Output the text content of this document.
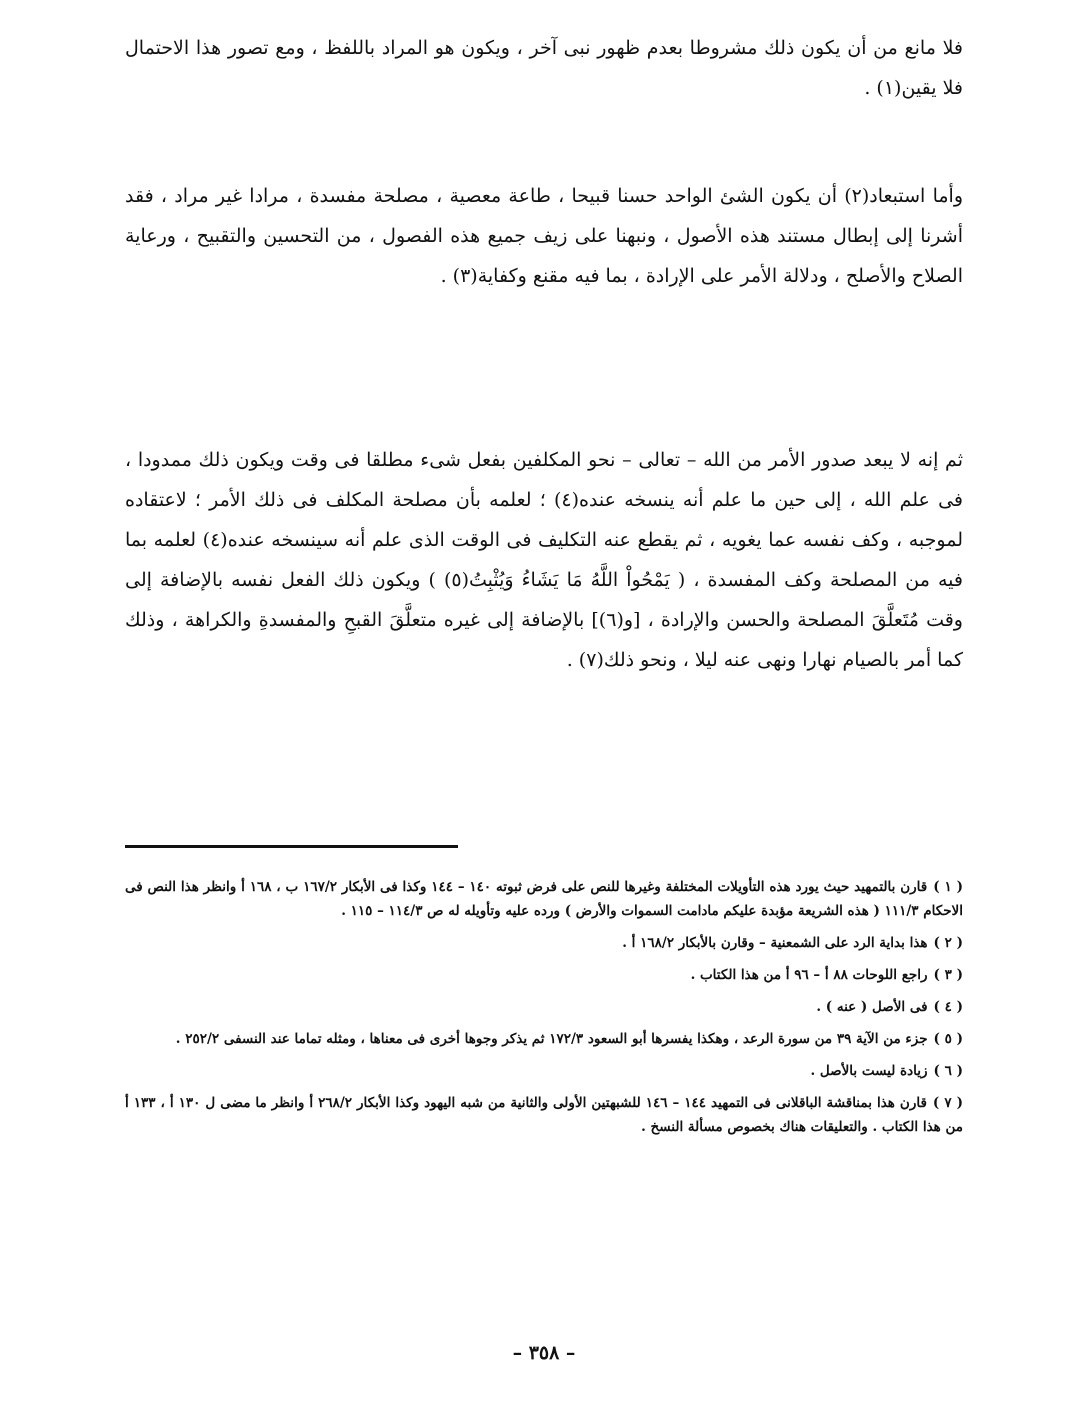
فلا مانع من أن يكون ذلك مشروطا بعدم ظهور نبى آخر ، ويكون هو المراد باللفظ ، ومع تصور هذا الاحتمال فلا يقين(١) .

وأما استبعاد(٢) أن يكون الشئ الواحد حسنا قبيحا ، طاعة معصية ، مصلحة مفسدة ، مرادا غير مراد ، فقد أشرنا إلى إبطال مستند هذه الأصول ، ونبهنا على زيف جميع هذه الفصول ، من التحسين والتقبيح ، ورعاية الصلاح والأصلح ، ودلالة الأمر على الإرادة ، بما فيه مقنع وكفاية(٣) .

ثم إنه لا يبعد صدور الأمر من الله – تعالى – نحو المكلفين بفعل شىء مطلقا فى وقت ويكون ذلك ممدودا ، فى علم الله ، إلى حين ما علم أنه ينسخه عنده(٤) ؛ لعلمه بأن مصلحة المكلف فى ذلك الأمر ؛ لاعتقاده لموجبه ، وكف نفسه عما يغويه ، ثم يقطع عنه التكليف فى الوقت الذى علم أنه سينسخه عنده(٤) لعلمه بما فيه من المصلحة وكف المفسدة ، ( يَمْحُواْ اللَّهُ مَا يَشَاءُ وَيُثْبِتُ(٥) ) ويكون ذلك الفعل نفسه بالإضافة إلى وقت مُتَعلَّقَ المصلحة والحسن والإرادة ، [و(٦)] بالإضافة إلى غيره متعلَّقَ القبحِ والمفسدةِ والكراهة ، وذلك كما أمر بالصيام نهارا ونهى عنه ليلا ، ونحو ذلك(٧) .

( ١ )قارن بالتمهيد حيث يورد هذه التأويلات المختلفة وغيرها للنص على فرض ثبوته ١٤٠ – ١٤٤ وكذا فى الأبكار ١٦٧/٢ ب ، ١٦٨ أ وانظر هذا النص فى الاحكام ١١١/٣ ( هذه الشريعة مؤبدة عليكم مادامت السموات والأرض ) ورده عليه وتأويله له ص ١١٤/٣ – ١١٥ .

( ٢ )هذا بداية الرد على الشمعنية – وقارن بالأبكار ١٦٨/٢ أ .

( ٣ )راجع اللوحات ٨٨ أ – ٩٦ أ من هذا الكتاب .

( ٤ )فى الأصل ( عنه ) .

( ٥ )جزء من الآية ٣٩ من سورة الرعد ، وهكذا يفسرها أبو السعود ١٧٢/٣ ثم يذكر وجوها أخرى فى معناها ، ومثله تماما عند النسفى ٢٥٢/٢ .

( ٦ )زيادة ليست بالأصل .

( ٧ )قارن هذا بمناقشة الباقلانى فى التمهيد ١٤٤ – ١٤٦ للشبهتين الأولى والثانية من شبه اليهود وكذا الأبكار ٢٦٨/٢ أ وانظر ما مضى ل ١٣٠ أ ، ١٣٣ أ من هذا الكتاب . والتعليقات هناك بخصوص مسألة النسخ .

– ٣٥٨ –
